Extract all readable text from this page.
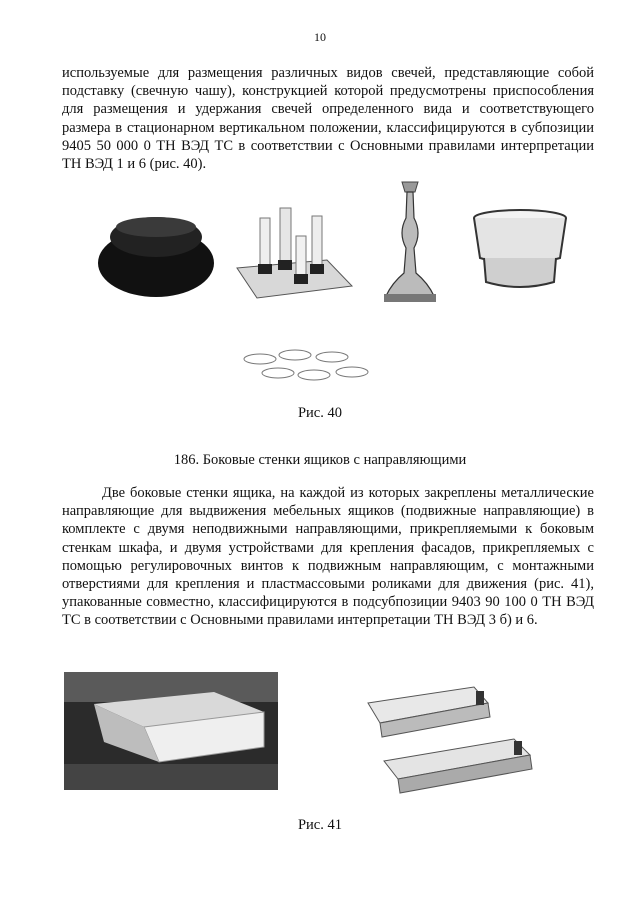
10

используемые для размещения различных видов свечей, представляющие собой подставку (свечную чашу), конструкцией которой предусмотрены приспособления для размещения и удержания свечей определенного вида и соответствующего размера в стационарном вертикальном положении, классифицируются в субпозиции 9405 50 000 0 ТН ВЭД ТС в соответствии с Основными правилами интерпретации ТН ВЭД 1 и 6 (рис. 40).

Рис. 40
186. Боковые стенки ящиков с направляющими

Две боковые стенки ящика, на каждой из которых закреплены металлические направляющие для выдвижения мебельных ящиков (подвижные направляющие) в комплекте с двумя неподвижными направляющими, прикрепляемыми к боковым стенкам шкафа, и двумя устройствами для крепления фасадов, прикрепляемых с помощью регулировочных винтов к подвижным направляющим, с монтажными отверстиями для крепления и пластмассовыми роликами для движения (рис. 41), упакованные совместно, классифицируются в подсубпозиции 9403 90 100 0 ТН ВЭД ТС в соответствии с Основными правилами интерпретации ТН ВЭД 3 б) и 6.

Рис. 41
